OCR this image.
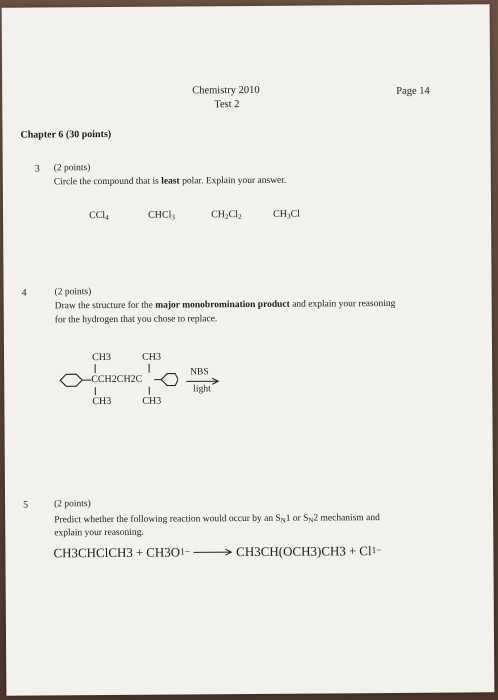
Chemistry 2010
Test 2
Page 14
Chapter 6 (30 points)
3 (2 points)
Circle the compound that is least polar. Explain your answer.
CCl$_4$	CHCl$_3$	$CH_2Cl_2$	$CH_3Cl$
4	(2 points)
Draw the structure for the major monobromination product and explain your reasoning
for the hydrogen that you chose to replace.
CH3	CH3
CCH2CH2C
CH3	CH3
NBS
light
5	(2 points)
Predict whether the following reaction would occur by an $S_N1$ or $S_N2$ mechanism and
explain your reasoning.
CH3CHClCH3 + CH3O 1− → CH3CH(OCH3)CH3 + Cl 1−
